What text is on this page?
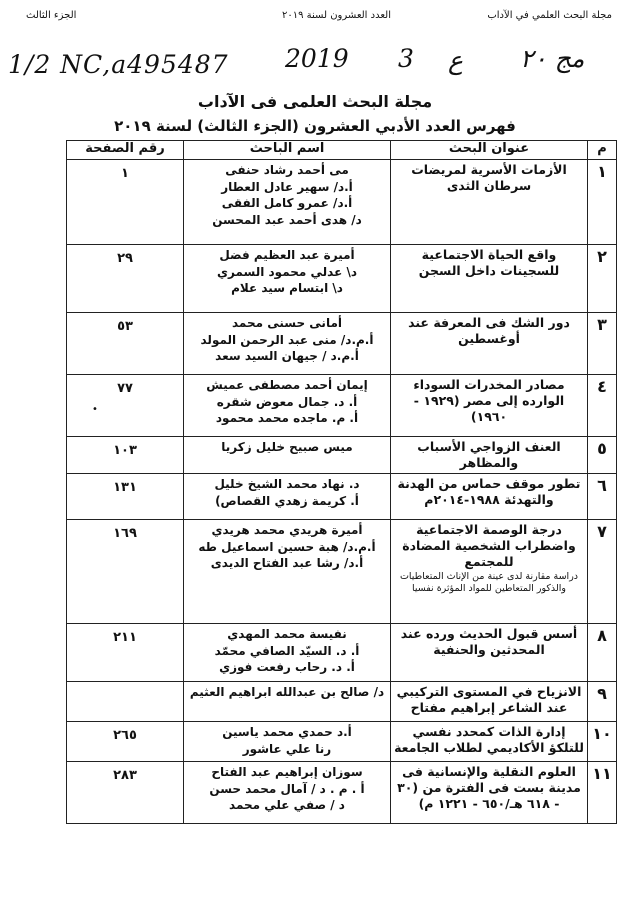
مجلة البحث العلمي في الآداب
العدد العشرون لسنة ٢٠١٩
الجزء الثالث
1/2 NC,a495487 2019 3 ع مج ٢٠

مجلة البحث العلمى فى الآداب

فهرس العدد الأدبي العشرون (الجزء الثالث) لسنة ٢٠١٩

م	عنوان البحث	اسم الباحث	رقم الصفحة
١	الأزمات الأسرية لمريضات سرطان الثدى	مى أحمد رشاد حنفى
أ.د/ سهير عادل العطار
أ.د/ عمرو كامل الفقى
د/ هدى أحمد عبد المحسن	١

٢	واقع الحياة الاجتماعية للسجينات داخل السجن	أميرة عبد العظيم فضل
د\ عدلي محمود السمري
د\ ابتسام سيد علام	٢٩

٣	دور الشك فى المعرفة عند أوغسطين	أمانى حسنى محمد
أ.م.د/ منى عبد الرحمن المولد
أ.م.د / جيهان السيد سعد	٥٣

٤	مصادر المخدرات السوداء الوارده إلى مصر (١٩٢٩ - ١٩٦٠)	إيمان أحمد مصطفى عميش
أ. د. جمال معوض شقره
أ. م. ماجده محمد محمود	٧٧

٥	العنف الزواجي الأسباب والمظاهر	ميس صبيح خليل زكريا	١٠٣

٦	تطور موقف حماس من الهدنة والتهدئة ١٩٨٨-٢٠١٤م	د. نهاد محمد الشيخ خليل
أ. كريمة زهدي القصاص)	١٣١

٧	درجة الوصمة الاجتماعية واضطراب الشخصية المضادة للمجتمع
دراسة مقارنة لدى عينة من الإناث المتعاطيات والذكور المتعاطين للمواد المؤثرة نفسيا	أميرة هريدي محمد هريدي
أ.م.د/ هبة حسين اسماعيل طه
أ.د/ رشا عبد الفتاح الديدى	١٦٩

٨	أسس قبول الحديث ورده عند المحدثين والحنفية	نفيسة محمد المهدي
أ. د. السيّد الصافي محمّد
أ. د. رحاب رفعت فوزي	٢١١

٩	الانزياح في المستوى التركيبي عند الشاعر إبراهيم مفتاح	د/ صالح بن عبدالله ابراهيم العثيم	

١٠	إدارة الذات كمحدد نفسي للتلكؤ الأكاديمي لطلاب الجامعة	أ.د حمدي محمد ياسين
رنا علي عاشور	٢٦٥

١١	العلوم النقلية والإنسانية فى مدينة بست فى الفترة من (٣٠ - ٦١٨ هـ/٦٥٠ - ١٢٢١ م)	سوزان إبراهيم عبد الفتاح
أ . م . د / آمال محمد حسن
د / صفي علي محمد	٢٨٣
•
